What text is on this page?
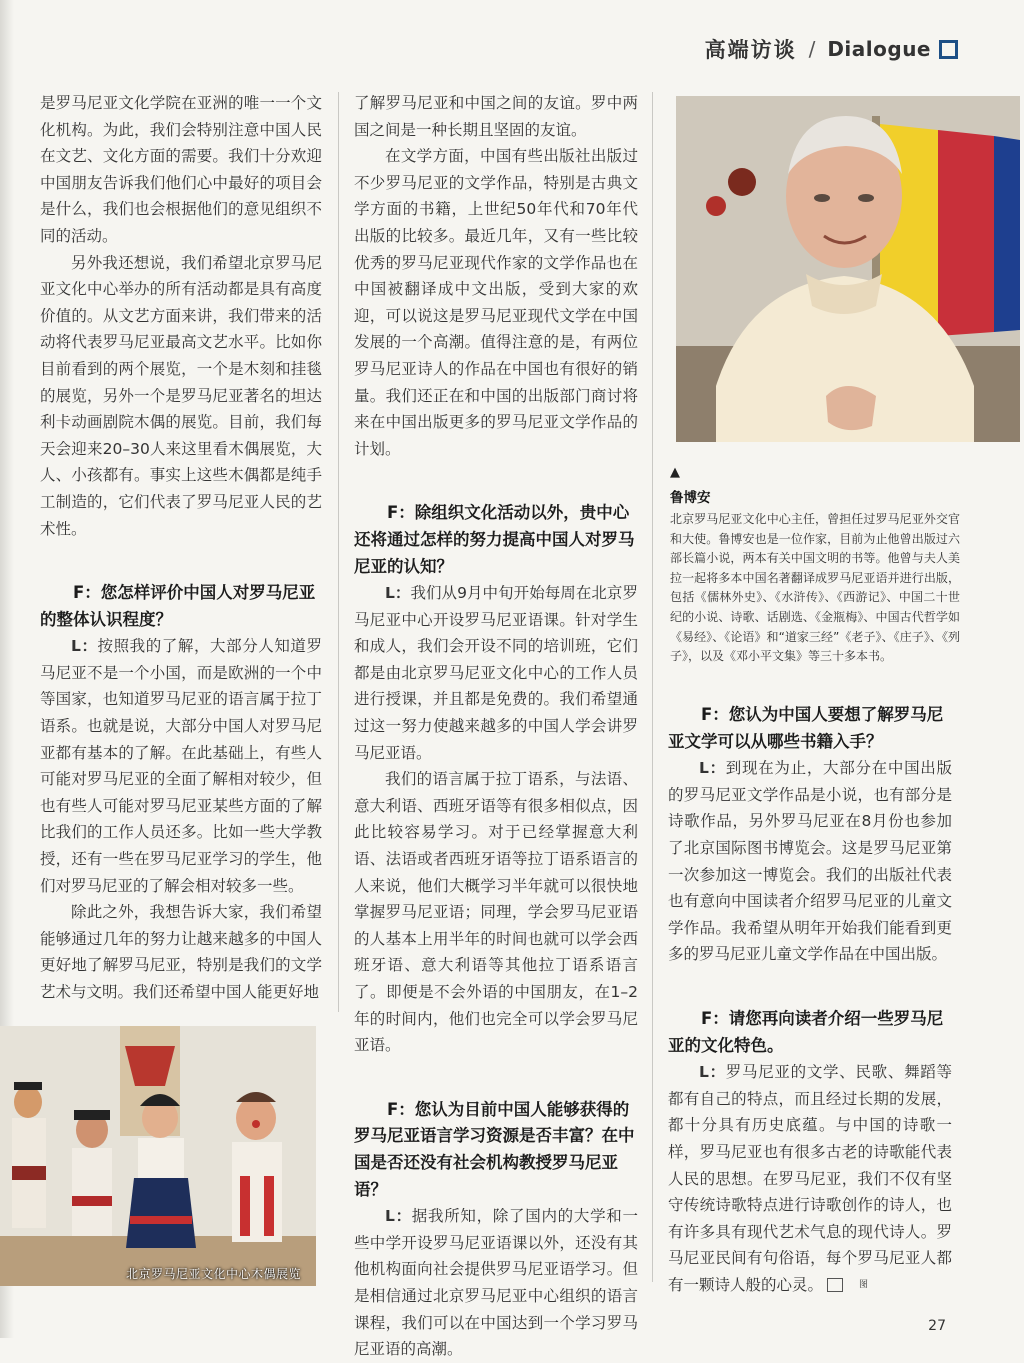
高端访谈 / Dialogue

是罗马尼亚文化学院在亚洲的唯一一个文化机构。为此，我们会特别注意中国人民在文艺、文化方面的需要。我们十分欢迎中国朋友告诉我们他们心中最好的项目会是什么，我们也会根据他们的意见组织不同的活动。

另外我还想说，我们希望北京罗马尼亚文化中心举办的所有活动都是具有高度价值的。从文艺方面来讲，我们带来的活动将代表罗马尼亚最高文艺水平。比如你目前看到的两个展览，一个是木刻和挂毯的展览，另外一个是罗马尼亚著名的坦达利卡动画剧院木偶的展览。目前，我们每天会迎来20–30人来这里看木偶展览，大人、小孩都有。事实上这些木偶都是纯手工制造的，它们代表了罗马尼亚人民的艺术性。

F：您怎样评价中国人对罗马尼亚的整体认识程度？

L：按照我的了解，大部分人知道罗马尼亚不是一个小国，而是欧洲的一个中等国家，也知道罗马尼亚的语言属于拉丁语系。也就是说，大部分中国人对罗马尼亚都有基本的了解。在此基础上，有些人可能对罗马尼亚的全面了解相对较少，但也有些人可能对罗马尼亚某些方面的了解比我们的工作人员还多。比如一些大学教授，还有一些在罗马尼亚学习的学生，他们对罗马尼亚的了解会相对较多一些。

除此之外，我想告诉大家，我们希望能够通过几年的努力让越来越多的中国人更好地了解罗马尼亚，特别是我们的文学艺术与文明。我们还希望中国人能更好地

了解罗马尼亚和中国之间的友谊。罗中两国之间是一种长期且坚固的友谊。

在文学方面，中国有些出版社出版过不少罗马尼亚的文学作品，特别是古典文学方面的书籍，上世纪50年代和70年代出版的比较多。最近几年，又有一些比较优秀的罗马尼亚现代作家的文学作品也在中国被翻译成中文出版，受到大家的欢迎，可以说这是罗马尼亚现代文学在中国发展的一个高潮。值得注意的是，有两位罗马尼亚诗人的作品在中国也有很好的销量。我们还正在和中国的出版部门商讨将来在中国出版更多的罗马尼亚文学作品的计划。

F：除组织文化活动以外，贵中心还将通过怎样的努力提高中国人对罗马尼亚的认知？

L：我们从9月中旬开始每周在北京罗马尼亚中心开设罗马尼亚语课。针对学生和成人，我们会开设不同的培训班，它们都是由北京罗马尼亚文化中心的工作人员进行授课，并且都是免费的。我们希望通过这一努力使越来越多的中国人学会讲罗马尼亚语。

我们的语言属于拉丁语系，与法语、意大利语、西班牙语等有很多相似点，因此比较容易学习。对于已经掌握意大利语、法语或者西班牙语等拉丁语系语言的人来说，他们大概学习半年就可以很快地掌握罗马尼亚语；同理，学会罗马尼亚语的人基本上用半年的时间也就可以学会西班牙语、意大利语等其他拉丁语系语言了。即便是不会外语的中国朋友，在1–2年的时间内，他们也完全可以学会罗马尼亚语。

F：您认为目前中国人能够获得的罗马尼亚语言学习资源是否丰富？在中国是否还没有社会机构教授罗马尼亚语？

L：据我所知，除了国内的大学和一些中学开设罗马尼亚语课以外，还没有其他机构面向社会提供罗马尼亚语学习。但是相信通过北京罗马尼亚中心组织的语言课程，我们可以在中国达到一个学习罗马尼亚语的高潮。

▲
鲁博安
北京罗马尼亚文化中心主任，曾担任过罗马尼亚外交官和大使。鲁博安也是一位作家，目前为止他曾出版过六部长篇小说，两本有关中国文明的书等。他曾与夫人美拉一起将多本中国名著翻译成罗马尼亚语并进行出版，包括《儒林外史》、《水浒传》、《西游记》、中国二十世纪的小说、诗歌、话剧选、《金瓶梅》、中国古代哲学如《易经》、《论语》和“道家三经”《老子》、《庄子》、《列子》，以及《邓小平文集》等三十多本书。

F：您认为中国人要想了解罗马尼亚文学可以从哪些书籍入手？

L：到现在为止，大部分在中国出版的罗马尼亚文学作品是小说，也有部分是诗歌作品，另外罗马尼亚在8月份也参加了北京国际图书博览会。这是罗马尼亚第一次参加这一博览会。我们的出版社代表也有意向中国读者介绍罗马尼亚的儿童文学作品。我希望从明年开始我们能看到更多的罗马尼亚儿童文学作品在中国出版。

F：请您再向读者介绍一些罗马尼亚的文化特色。

L：罗马尼亚的文学、民歌、舞蹈等都有自己的特点，而且经过长期的发展，都十分具有历史底蕴。与中国的诗歌一样，罗马尼亚也有很多古老的诗歌能代表人民的思想。在罗马尼亚，我们不仅有坚守传统诗歌特点进行诗歌创作的诗人，也有许多具有现代艺术气息的现代诗人。罗马尼亚民间有句俗语，每个罗马尼亚人都有一颗诗人般的心灵。	图

北京罗马尼亚文化中心木偶展览
27
